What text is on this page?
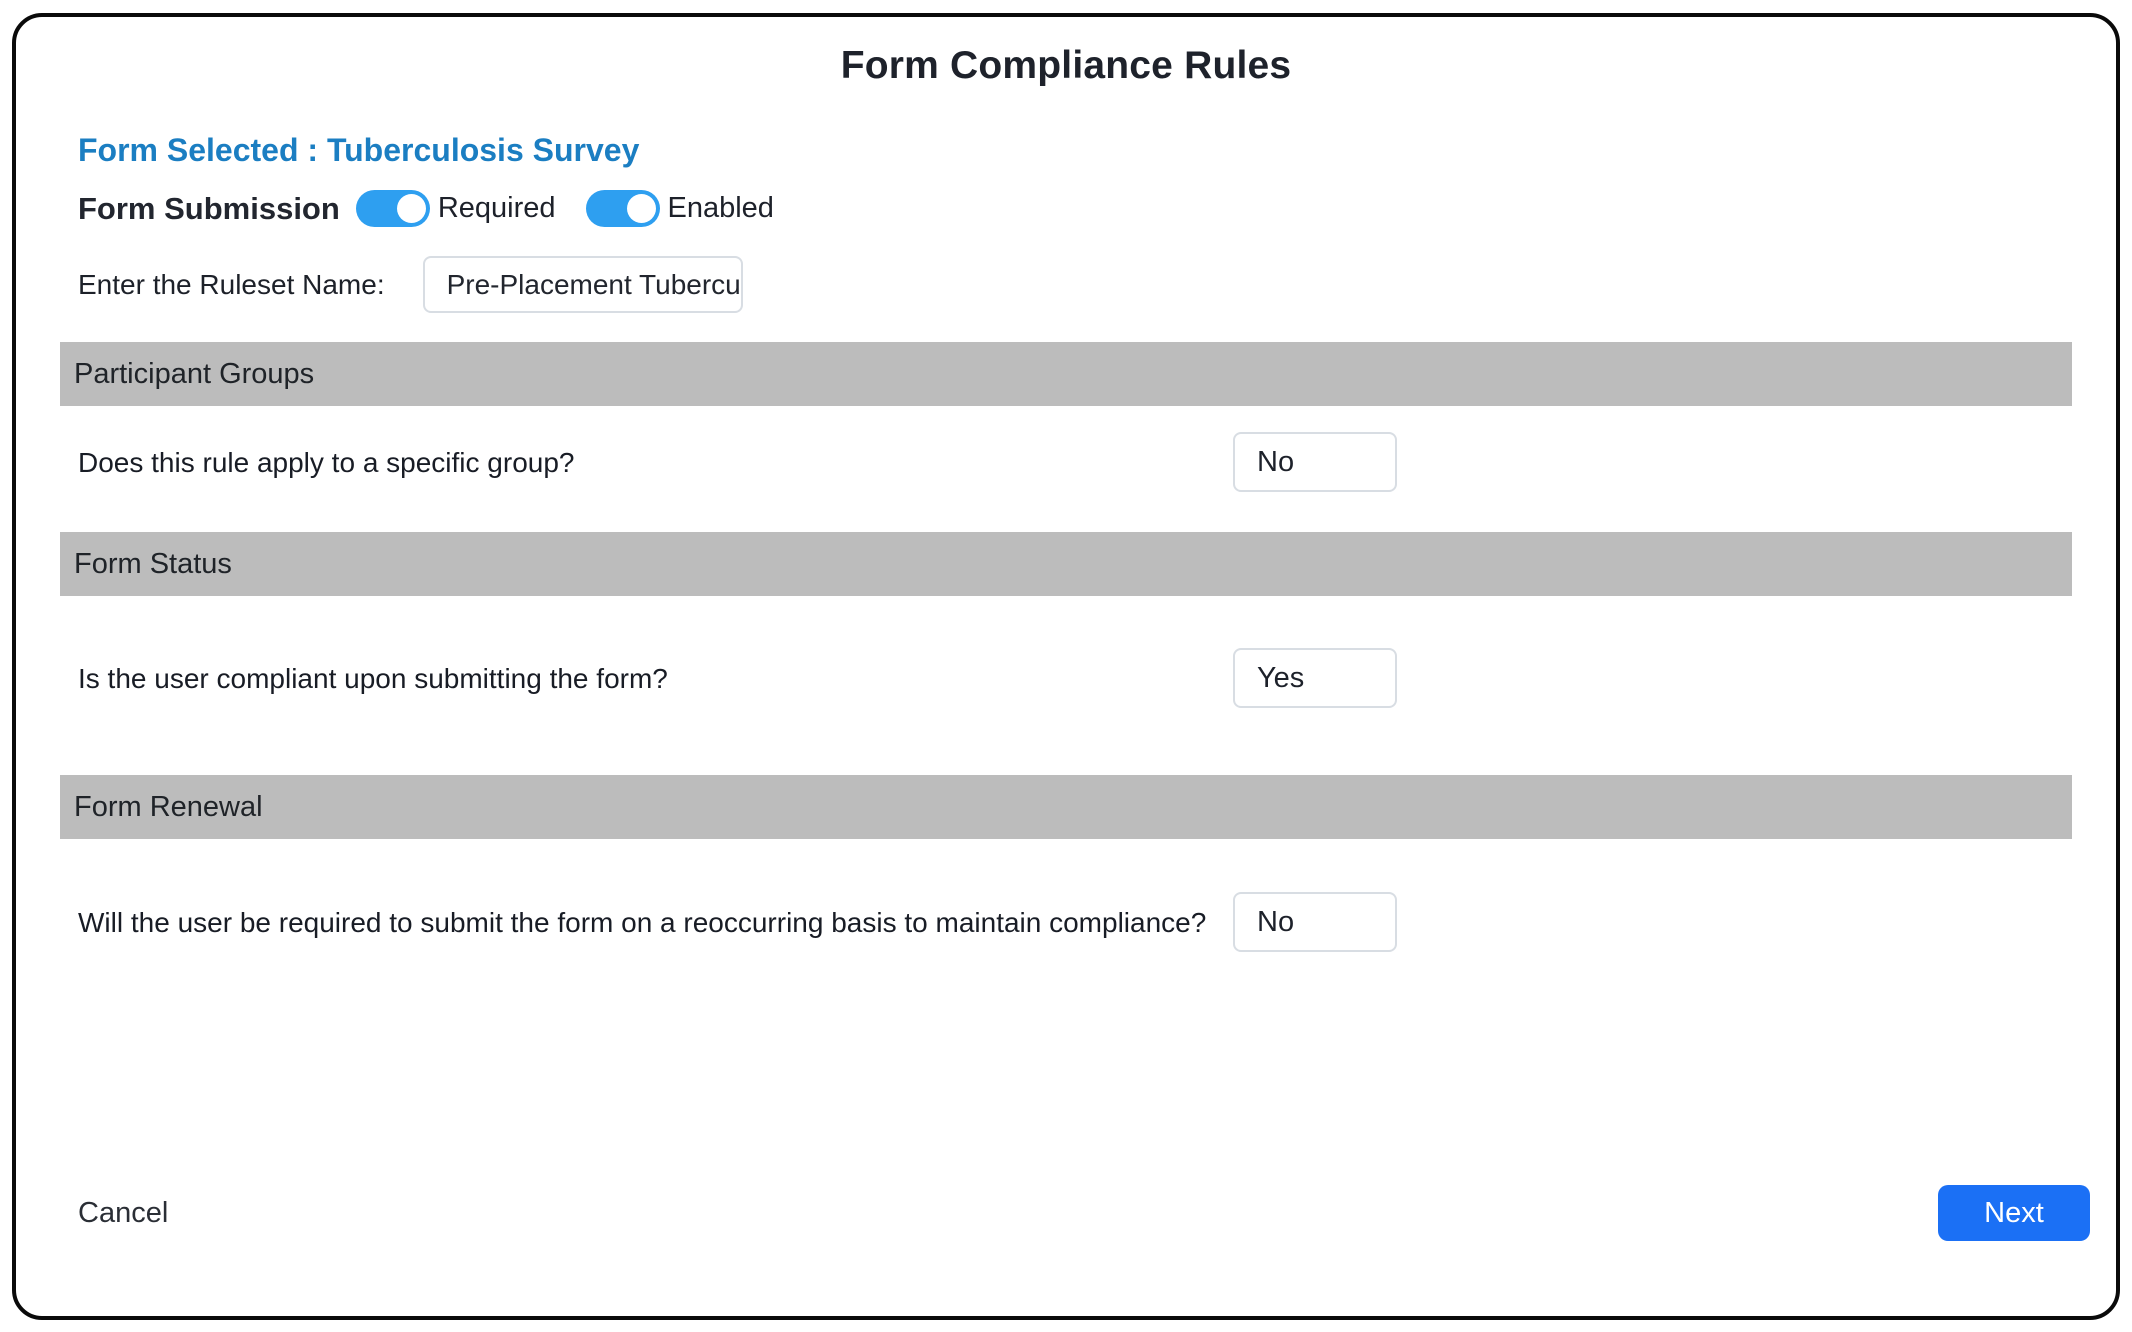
Form Compliance Rules
Form Selected : Tuberculosis Survey
Form Submission	Required	Enabled
Enter the Ruleset Name:
Pre-Placement Tubercul
Participant Groups
Does this rule apply to a specific group?
No
Form Status
Is the user compliant upon submitting the form?
Yes
Form Renewal
Will the user be required to submit the form on a reoccurring basis to maintain compliance?
No
Cancel	Next
